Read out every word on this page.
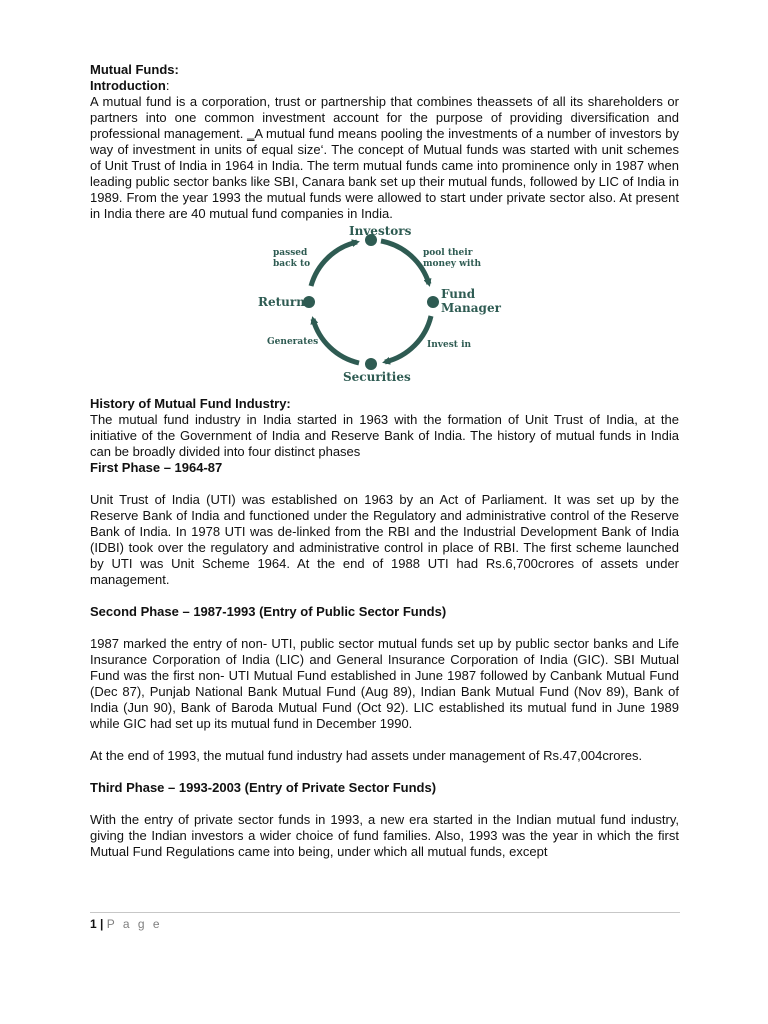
Mutual Funds:
Introduction:

A mutual fund is a corporation, trust or partnership that combines theassets of all its shareholders or partners into one common investment account for the purpose of providing diversification and professional management. ‗A mutual fund means pooling the investments of a number of investors by way of investment in units of equal size‘. The concept of Mutual funds was started with unit schemes of Unit Trust of India in 1964 in India. The term mutual funds came into prominence only in 1987 when leading public sector banks like SBI, Canara bank set up their mutual funds, followed by LIC of India in 1989. From the year 1993 the mutual funds were allowed to start under private sector also. At present in India there are 40 mutual fund companies in India.

Investors
pool their
money with
Fund
Manager
Invest in
Securities
Generates
Returns
passed
back to
History of Mutual Fund Industry:

The mutual fund industry in India started in 1963 with the formation of Unit Trust of India, at the initiative of the Government of India and Reserve Bank of India. The history of mutual funds in India can be broadly divided into four distinct phases

First Phase – 1964-87

Unit Trust of India (UTI) was established on 1963 by an Act of Parliament. It was set up by the Reserve Bank of India and functioned under the Regulatory and administrative control of the Reserve Bank of India. In 1978 UTI was de-linked from the RBI and the Industrial Development Bank of India (IDBI) took over the regulatory and administrative control in place of RBI. The first scheme launched by UTI was Unit Scheme 1964. At the end of 1988 UTI had Rs.6,700crores of assets under management.

Second Phase – 1987-1993 (Entry of Public Sector Funds)

1987 marked the entry of non- UTI, public sector mutual funds set up by public sector banks and Life Insurance Corporation of India (LIC) and General Insurance Corporation of India (GIC). SBI Mutual Fund was the first non- UTI Mutual Fund established in June 1987 followed by Canbank Mutual Fund (Dec 87), Punjab National Bank Mutual Fund (Aug 89), Indian Bank Mutual Fund (Nov 89), Bank of India (Jun 90), Bank of Baroda Mutual Fund (Oct 92). LIC established its mutual fund in June 1989 while GIC had set up its mutual fund in December 1990.

At the end of 1993, the mutual fund industry had assets under management of Rs.47,004crores.

Third Phase – 1993-2003 (Entry of Private Sector Funds)

With the entry of private sector funds in 1993, a new era started in the Indian mutual fund industry, giving the Indian investors a wider choice of fund families. Also, 1993 was the year in which the first Mutual Fund Regulations came into being, under which all mutual funds, except

1 | P a g e
